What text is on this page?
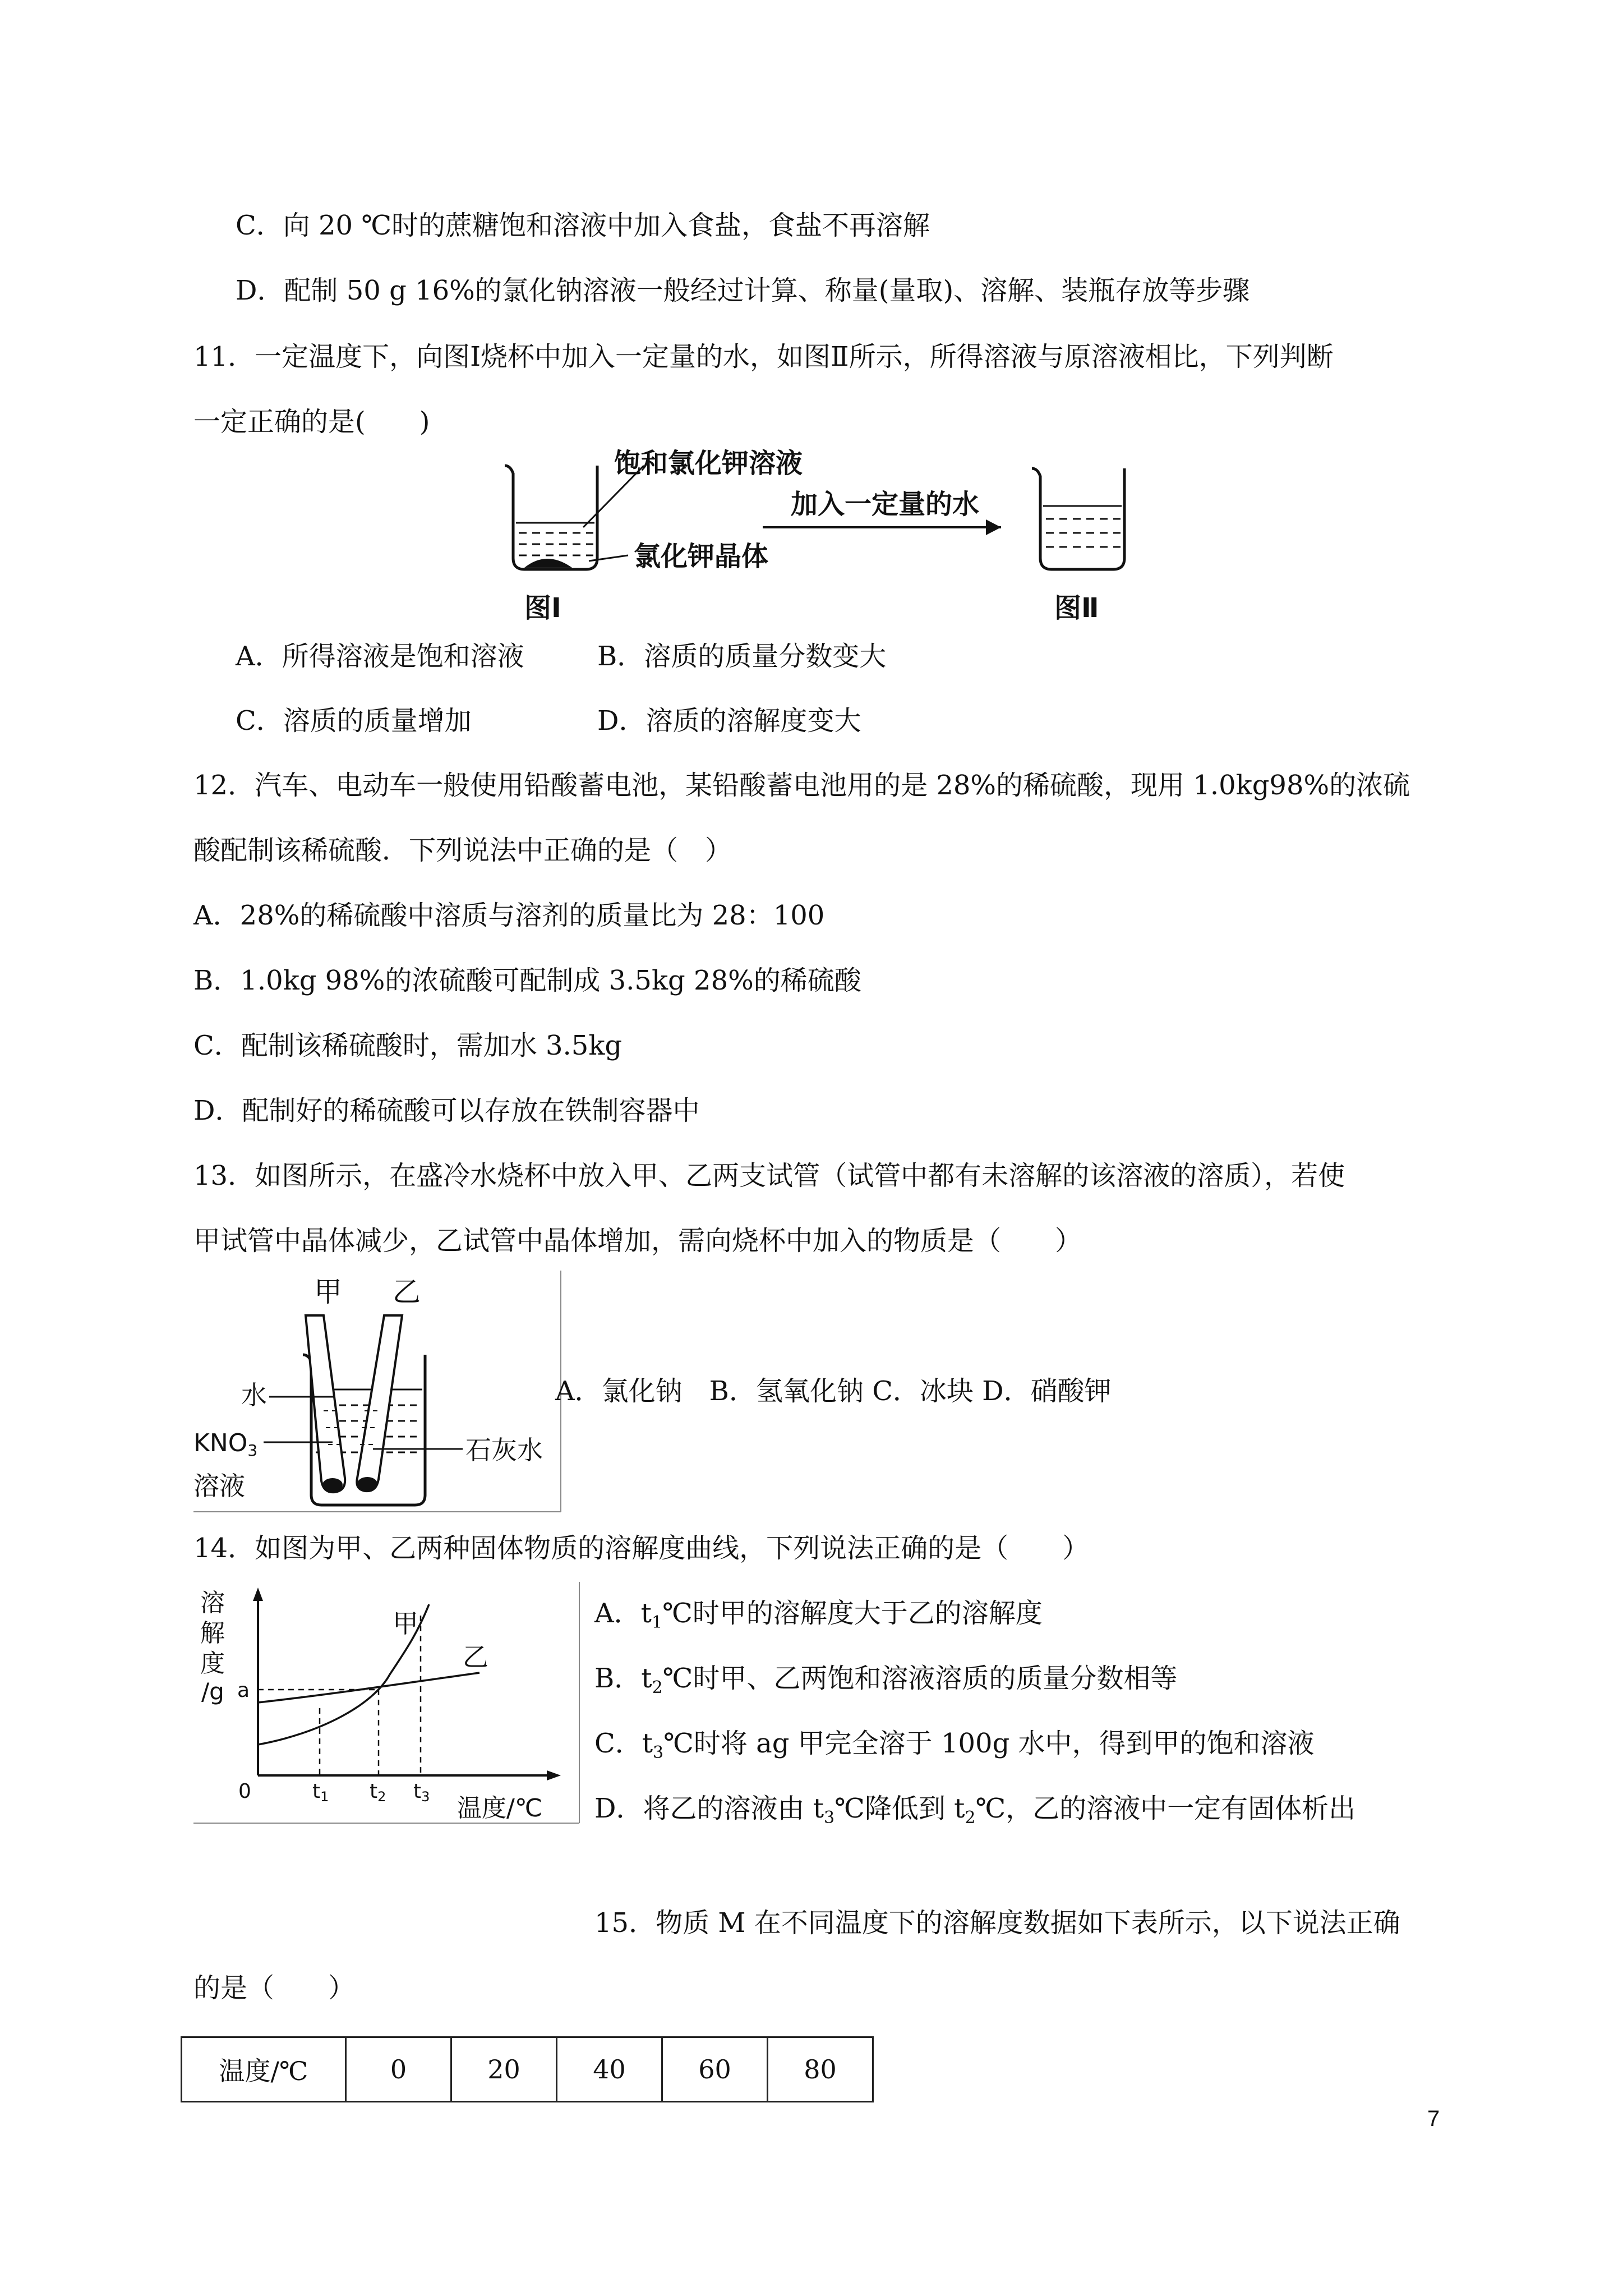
C．向 20 ℃时的蔗糖饱和溶液中加入食盐，食盐不再溶解
D．配制 50 g 16%的氯化钠溶液一般经过计算、称量(量取)、溶解、装瓶存放等步骤
11．一定温度下，向图Ⅰ烧杯中加入一定量的水，如图Ⅱ所示，所得溶液与原溶液相比，下列判断
一定正确的是(　　)
饱和氯化钾溶液
氯化钾晶体
加入一定量的水
图Ⅰ	图Ⅱ
A．所得溶液是饱和溶液	B．溶质的质量分数变大
C．溶质的质量增加	D．溶质的溶解度变大
12．汽车、电动车一般使用铅酸蓄电池，某铅酸蓄电池用的是 28%的稀硫酸，现用 1.0kg98%的浓硫
酸配制该稀硫酸．下列说法中正确的是（　）
A．28%的稀硫酸中溶质与溶剂的质量比为 28：100
B．1.0kg 98%的浓硫酸可配制成 3.5kg 28%的稀硫酸
C．配制该稀硫酸时，需加水 3.5kg
D．配制好的稀硫酸可以存放在铁制容器中
13．如图所示，在盛冷水烧杯中放入甲、乙两支试管（试管中都有未溶解的该溶液的溶质），若使
甲试管中晶体减少，乙试管中晶体增加，需向烧杯中加入的物质是（　　）
甲 乙
水
KNO3
溶液
石灰水
A．氯化钠　B．氢氧化钠 C．冰块 D．硝酸钾
14．如图为甲、乙两种固体物质的溶解度曲线，下列说法正确的是（　　）
溶
解
度
/g a
0	t1 t2 t3 温度/℃
甲
乙
A．$t_1℃$时甲的溶解度大于乙的溶解度
B．$t_2℃$时甲、乙两饱和溶液溶质的质量分数相等
C．$t_3℃$时将 ag 甲完全溶于 100g 水中，得到甲的饱和溶液
D．将乙的溶液由 $t_3℃$降低到 $t_2℃$，乙的溶液中一定有固体析出
15．物质 M 在不同温度下的溶解度数据如下表所示，以下说法正确
的是（　　）
温度/℃	0	20	40	60	80
7
